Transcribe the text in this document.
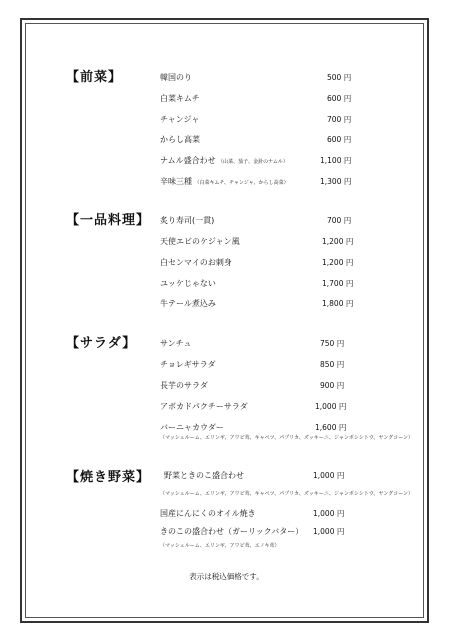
【前菜】	韓国のり	500 円
白菜キムチ	600 円
チャンジャ	700 円
からし高菜	600 円
ナムル盛合わせ （山菜、茄子、金針のナムル）	1,100 円
辛味三種 （白菜キムチ、チャンジャ、からし高菜）	1,300 円
【一品料理】 炙り寿司(一貫)	700 円
天使エビのケジャン風	1,200 円
白センマイのお刺身	1,200 円
ユッケじゃない	1,700 円
牛テール煮込み	1,800 円
【サラダ】	サンチュ	750 円
チョレギサラダ	850 円
長芋のサラダ	900 円
アボカドパクチーサラダ	1,000 円
バーニャカウダー	1,600 円
（マッシュルーム、エリンギ、アワビ茸、キャベツ、パプリカ、ズッキーニ、ジャンボシシトウ、ヤングコーン）
【焼き野菜】 野菜ときのこ盛合わせ	1,000 円
（マッシュルーム、エリンギ、アワビ茸、キャベツ、パプリカ、ズッキーニ、ジャンボシシトウ、ヤングコーン）
国産にんにくのオイル焼き	1,000 円
きのこの盛合わせ（ガーリックバター） 1,000 円
（マッシュルーム、エリンギ、アワビ茸、エノキ茸）
表示は税込価格です。
